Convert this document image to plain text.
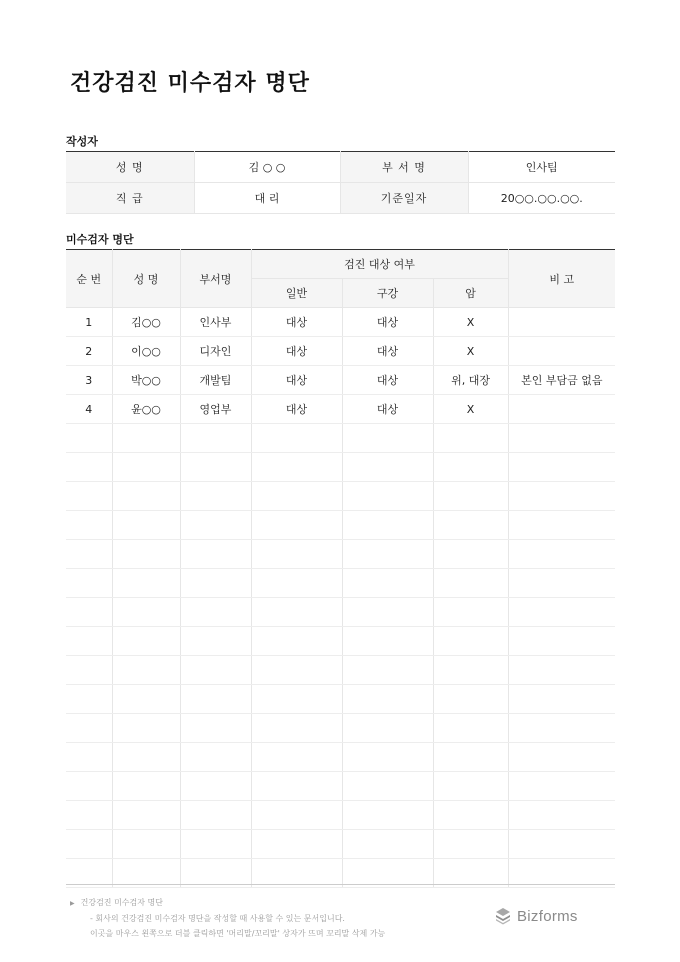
건강검진 미수검자 명단
작성자
성 명	김 ○ ○	부 서 명	인사팀
직 급	대 리	기준일자	20○○.○○.○○.
미수검자 명단
순 번	성 명	부서명	검진 대상 여부			비 고
			일반	구강	암	
1	김○○	인사부	대상	대상	X	
2	이○○	디자인	대상	대상	X	
3	박○○	개발팀	대상	대상	위, 대장	본인 부담금 없음
4	윤○○	영업부	대상	대상	X	

▶ 건강검진 미수검자 명단
- 회사의 건강검진 미수검자 명단을 작성할 때 사용할 수 있는 문서입니다.
이곳을 마우스 왼쪽으로 더블 클릭하면 '머리말/꼬리말' 상자가 뜨며 꼬리말 삭제 가능
Bizforms
